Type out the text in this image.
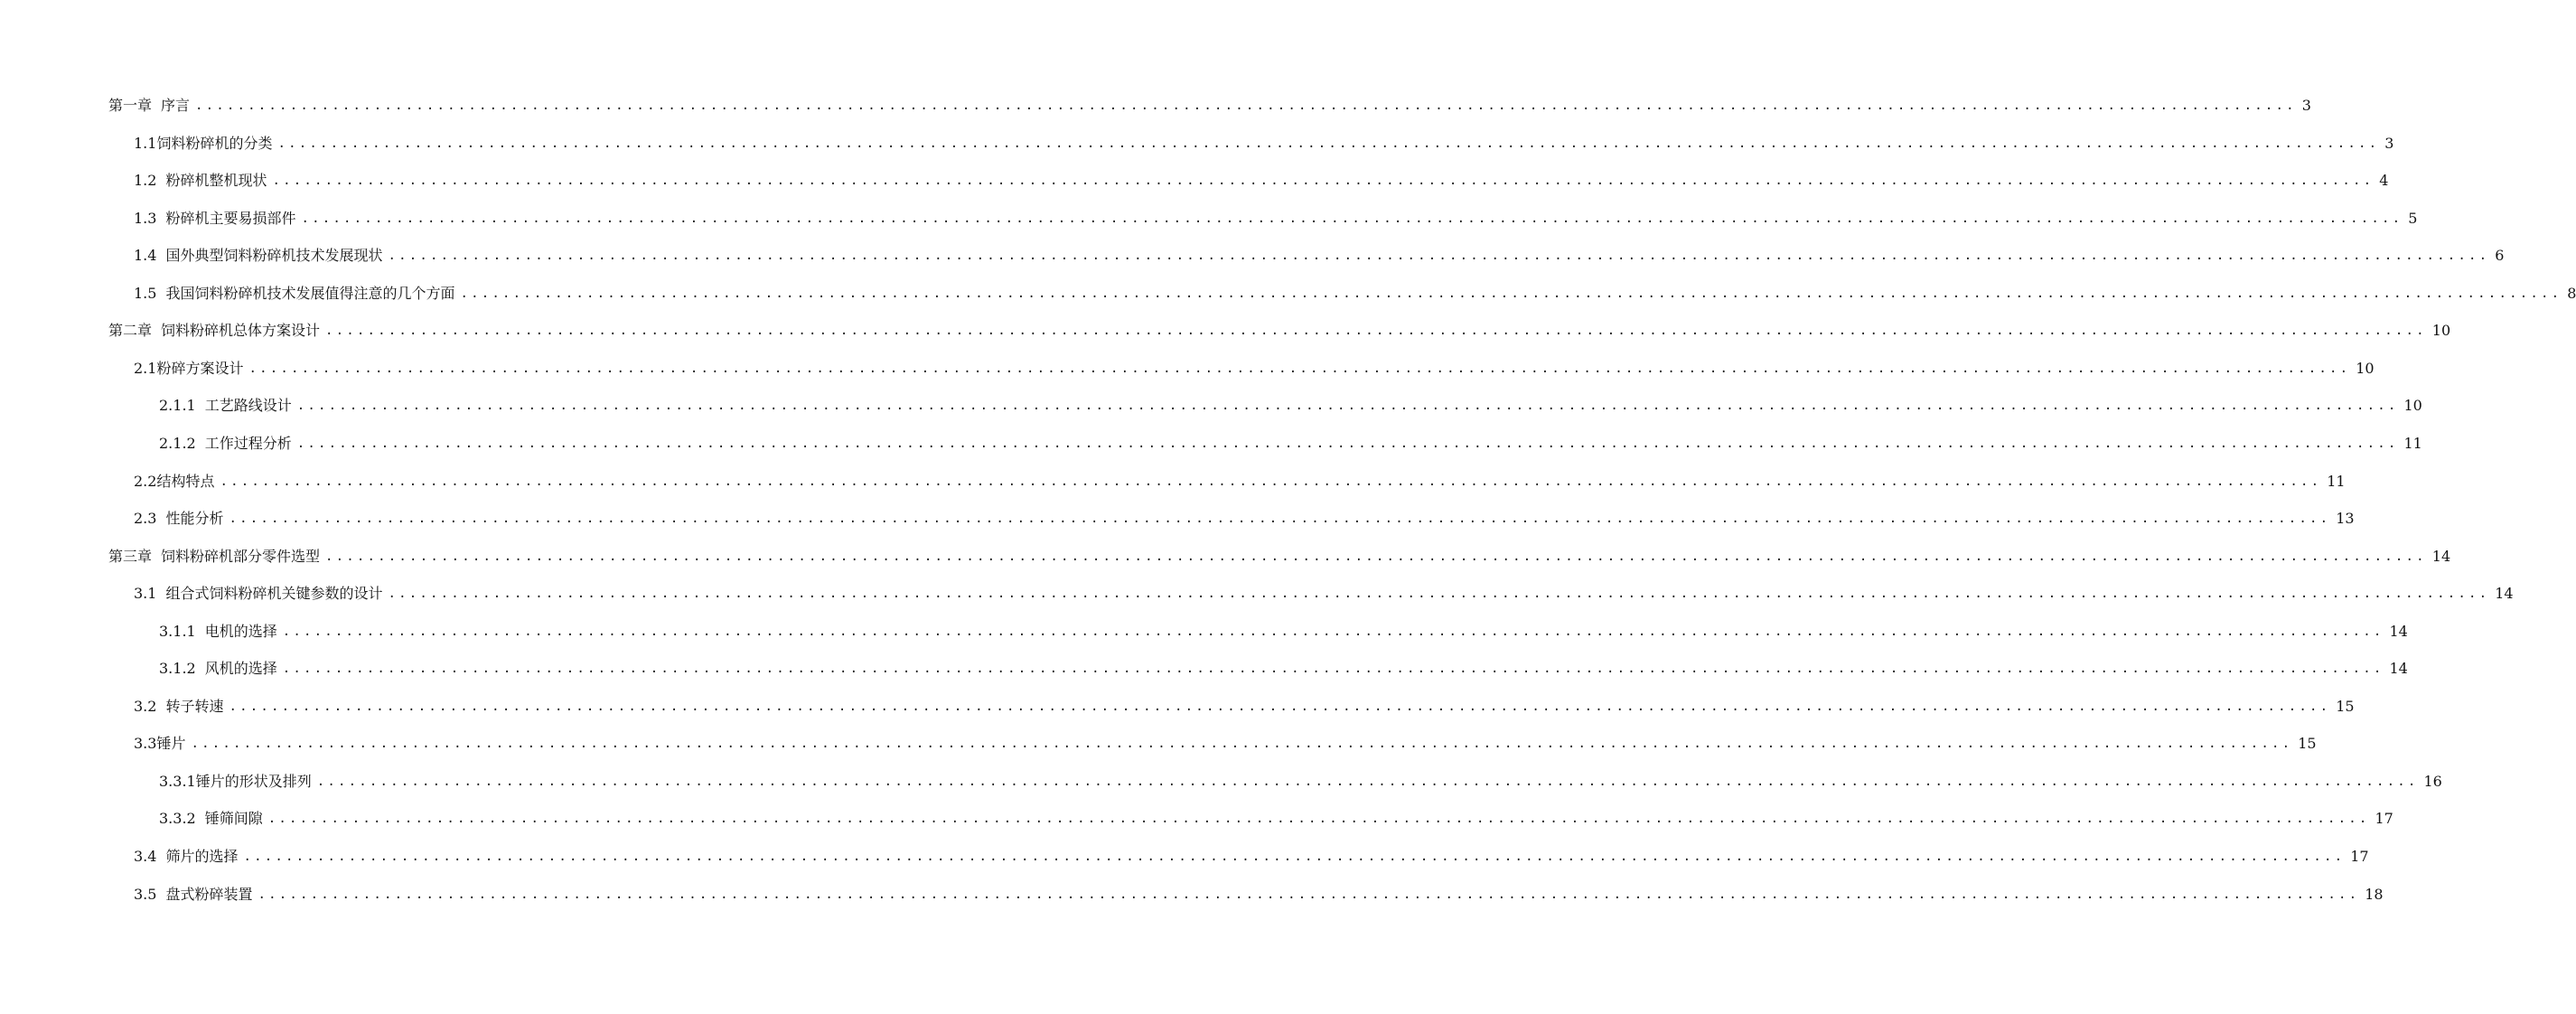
第一章 序言 ........................................................................................................................................................................................................ 3
1.1 饲料粉碎机的分类 ........................................................................................................................................................................................................ 3
1.2 粉碎机整机现状 ........................................................................................................................................................................................................ 4
1.3 粉碎机主要易损部件 ........................................................................................................................................................................................................ 5
1.4 国外典型饲料粉碎机技术发展现状 ........................................................................................................................................................................................................ 6
1.5 我国饲料粉碎机技术发展值得注意的几个方面 ........................................................................................................................................................................................................ 8
第二章 饲料粉碎机总体方案设计 ........................................................................................................................................................................................................ 10
2.1 粉碎方案设计 ........................................................................................................................................................................................................ 10
2.1.1 工艺路线设计 ........................................................................................................................................................................................................ 10
2.1.2 工作过程分析 ........................................................................................................................................................................................................ 11
2.2 结构特点 ........................................................................................................................................................................................................ 11
2.3 性能分析 ........................................................................................................................................................................................................ 13
第三章 饲料粉碎机部分零件选型 ........................................................................................................................................................................................................ 14
3.1 组合式饲料粉碎机关键参数的设计 ........................................................................................................................................................................................................ 14
3.1.1 电机的选择 ........................................................................................................................................................................................................ 14
3.1.2 风机的选择 ........................................................................................................................................................................................................ 14
3.2 转子转速 ........................................................................................................................................................................................................ 15
3.3 锤片 ........................................................................................................................................................................................................ 15
3.3.1 锤片的形状及排列 ........................................................................................................................................................................................................ 16
3.3.2 锤筛间隙 ........................................................................................................................................................................................................ 17
3.4 筛片的选择 ........................................................................................................................................................................................................ 17
3.5 盘式粉碎装置 ........................................................................................................................................................................................................ 18
